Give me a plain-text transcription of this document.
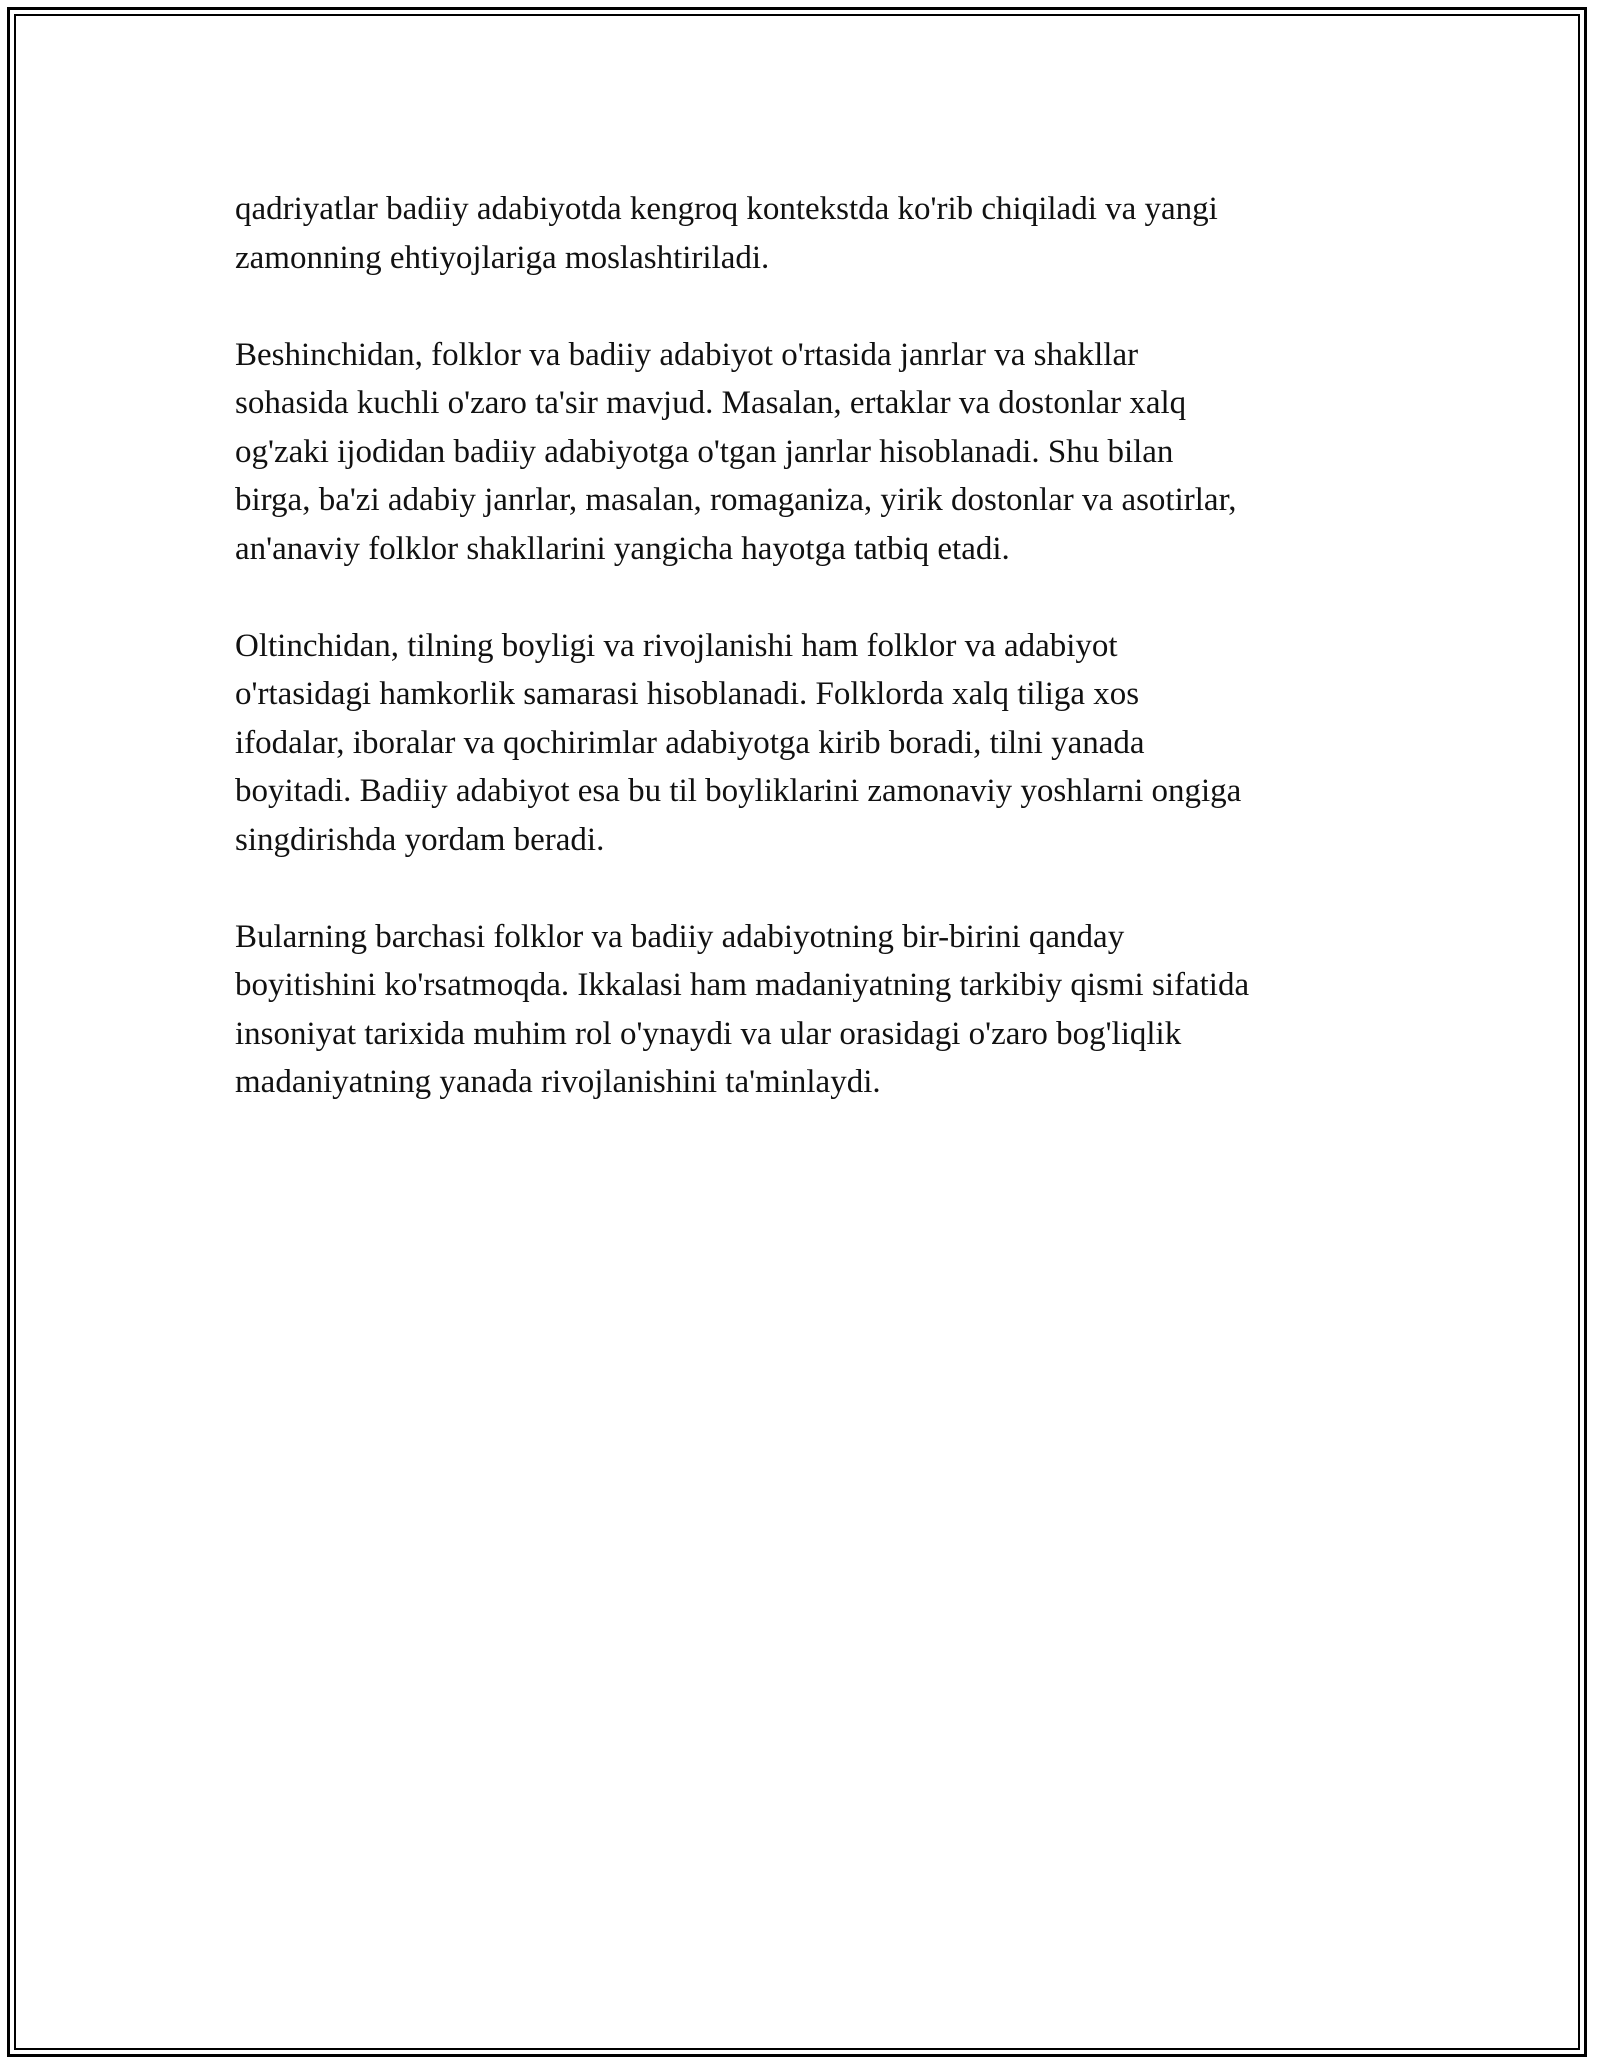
qadriyatlar badiiy adabiyotda kengroq kontekstda ko'rib chiqiladi va yangi
zamonning ehtiyojlariga moslashtiriladi.

Beshinchidan, folklor va badiiy adabiyot o'rtasida janrlar va shakllar
sohasida kuchli o'zaro ta'sir mavjud. Masalan, ertaklar va dostonlar xalq
og'zaki ijodidan badiiy adabiyotga o'tgan janrlar hisoblanadi. Shu bilan
birga, ba'zi adabiy janrlar, masalan, romaganiza, yirik dostonlar va asotirlar,
an'anaviy folklor shakllarini yangicha hayotga tatbiq etadi.

Oltinchidan, tilning boyligi va rivojlanishi ham folklor va adabiyot
o'rtasidagi hamkorlik samarasi hisoblanadi. Folklorda xalq tiliga xos
ifodalar, iboralar va qochirimlar adabiyotga kirib boradi, tilni yanada
boyitadi. Badiiy adabiyot esa bu til boyliklarini zamonaviy yoshlarni ongiga
singdirishda yordam beradi.

Bularning barchasi folklor va badiiy adabiyotning bir-birini qanday
boyitishini ko'rsatmoqda. Ikkalasi ham madaniyatning tarkibiy qismi sifatida
insoniyat tarixida muhim rol o'ynaydi va ular orasidagi o'zaro bog'liqlik
madaniyatning yanada rivojlanishini ta'minlaydi.
